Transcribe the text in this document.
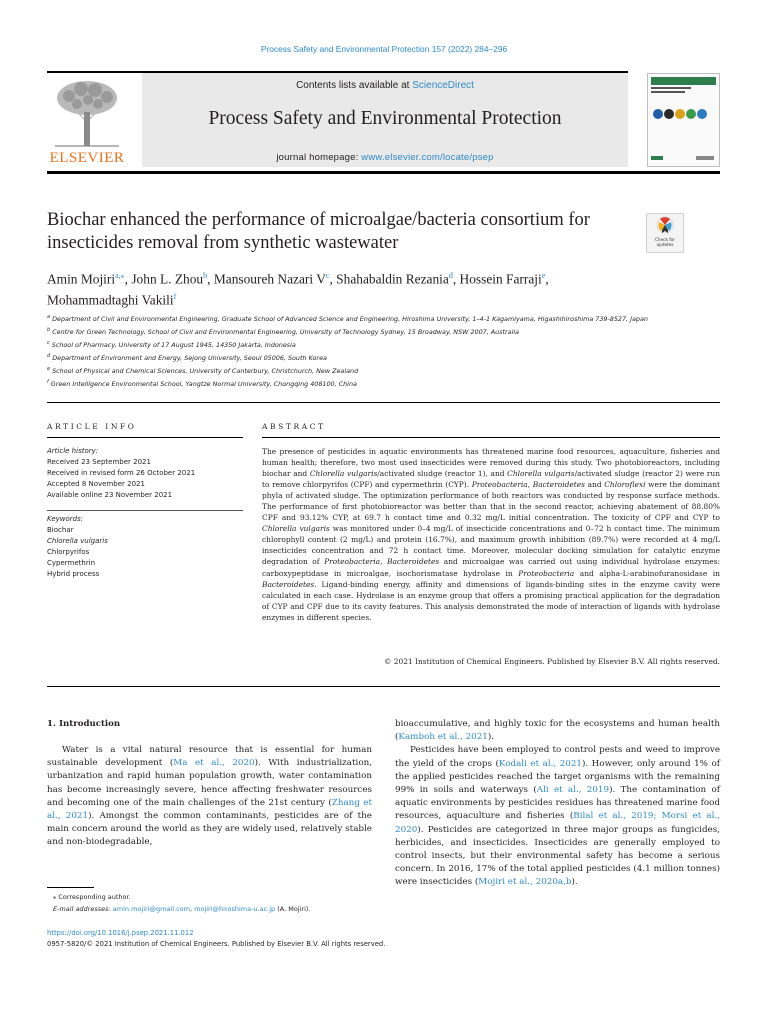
Process Safety and Environmental Protection 157 (2022) 284–296
ELSEVIER
Contents lists available at ScienceDirect
Process Safety and Environmental Protection
journal homepage: www.elsevier.com/locate/psep
Biochar enhanced the performance of microalgae/bacteria consortium for insecticides removal from synthetic wastewater	Check for
updates
Amin Mojiri$^{a,⁎}$, John L. Zhou$^b$, Mansoureh Nazari $V^c$, Shahabaldin Rezania$^d$, Hossein Farraji$^e$,
Mohammadtaghi Vakili$^f$
$^a$ Department of Civil and Environmental Engineering, Graduate School of Advanced Science and Engineering, Hiroshima University, 1–4-1 Kagamiyama, Higashihiroshima 739-8527, Japan
$^b$ Centre for Green Technology, School of Civil and Environmental Engineering, University of Technology Sydney, 15 Broadway, NSW 2007, Australia
$^c$ School of Pharmacy, University of 17 August 1945, 14350 Jakarta, Indonesia
$^d$ Department of Environment and Energy, Sejong University, Seoul 05006, South Korea
$^e$ School of Physical and Chemical Sciences, University of Canterbury, Christchurch, New Zealand
$^f$ Green Intelligence Environmental School, Yangtze Normal University, Chongqing 408100, China
ARTICLE INFO	ABSTRACT
Article history:
Received 23 September 2021
Received in revised form 26 October 2021
Accepted 8 November 2021
Available online 23 November 2021
Keywords:
Biochar
Chlorella vulgaris
Chlorpyrifos
Cypermethrin
Hybrid process
The presence of pesticides in aquatic environments has threatened marine food resources, aquaculture, fisheries and human health; therefore, two most used insecticides were removed during this study. Two photobioreactors, including biochar and Chlorella vulgaris/activated sludge (reactor 1), and Chlorella vulgaris/activated sludge (reactor 2) were run to remove chlorpyrifos (CPF) and cypermethrin (CYP). Proteobacteria, Bacteroidetes and Chloroflexi were the dominant phyla of activated sludge. The optimization performance of both reactors was conducted by response surface methods. The performance of first photobioreactor was better than that in the second reactor, achieving abatement of 88.80% CPF and 93.12% CYP, at 69.7 h contact time and 0.32 mg/L initial concentration. The toxicity of CPF and CYP to Chlorella vulgaris was monitored under 0–4 mg/L of insecticide concentrations and 0–72 h contact time. The minimum chlorophyll content (2 mg/L) and protein (16.7%), and maximum growth inhibition (89.7%) were recorded at 4 mg/L insecticides concentration and 72 h contact time. Moreover, molecular docking simulation for catalytic enzyme degradation of Proteobacteria, Bacteroidetes and microalgae was carried out using individual hydrolase enzymes: carboxypeptidase in microalgae, isochorismatase hydrolase in Proteobacteria and alpha-L-arabinofuranosidase in Bacteroidetes. Ligand-binding energy, affinity and dimensions of ligands-binding sites in the enzyme cavity were calculated in each case. Hydrolase is an enzyme group that offers a promising practical application for the degradation of CYP and CPF due to its cavity features. This analysis demonstrated the mode of interaction of ligands with hydrolase enzymes in different species.
© 2021 Institution of Chemical Engineers. Published by Elsevier B.V. All rights reserved.
1. Introduction
Water is a vital natural resource that is essential for human sustainable development (Ma et al., 2020). With industrialization, urbanization and rapid human population growth, water contamination has become increasingly severe, hence affecting freshwater resources and becoming one of the main challenges of the 21st century (Zhang et al., 2021). Amongst the common contaminants, pesticides are of the main concern around the world as they are widely used, relatively stable and non-biodegradable,
bioaccumulative, and highly toxic for the ecosystems and human health (Kamboh et al., 2021).
Pesticides have been employed to control pests and weed to improve the yield of the crops (Kodali et al., 2021). However, only around 1% of the applied pesticides reached the target organisms with the remaining 99% in soils and waterways (Ali et al., 2019). The contamination of aquatic environments by pesticides residues has threatened marine food resources, aquaculture and fisheries (Bilal et al., 2019; Morsi et al., 2020). Pesticides are categorized in three major groups as fungicides, herbicides, and insecticides. Insecticides are generally employed to control insects, but their environmental safety has become a serious concern. In 2016, 17% of the total applied pesticides (4.1 million tonnes) were insecticides (Mojiri et al., 2020a,b).
⁎ Corresponding author.
E-mail addresses: amin.mojiri@gmail.com, mojiri@hiroshima-u.ac.jp (A. Mojiri).
https://doi.org/10.1016/j.psep.2021.11.012
0957-5820/© 2021 Institution of Chemical Engineers. Published by Elsevier B.V. All rights reserved.
